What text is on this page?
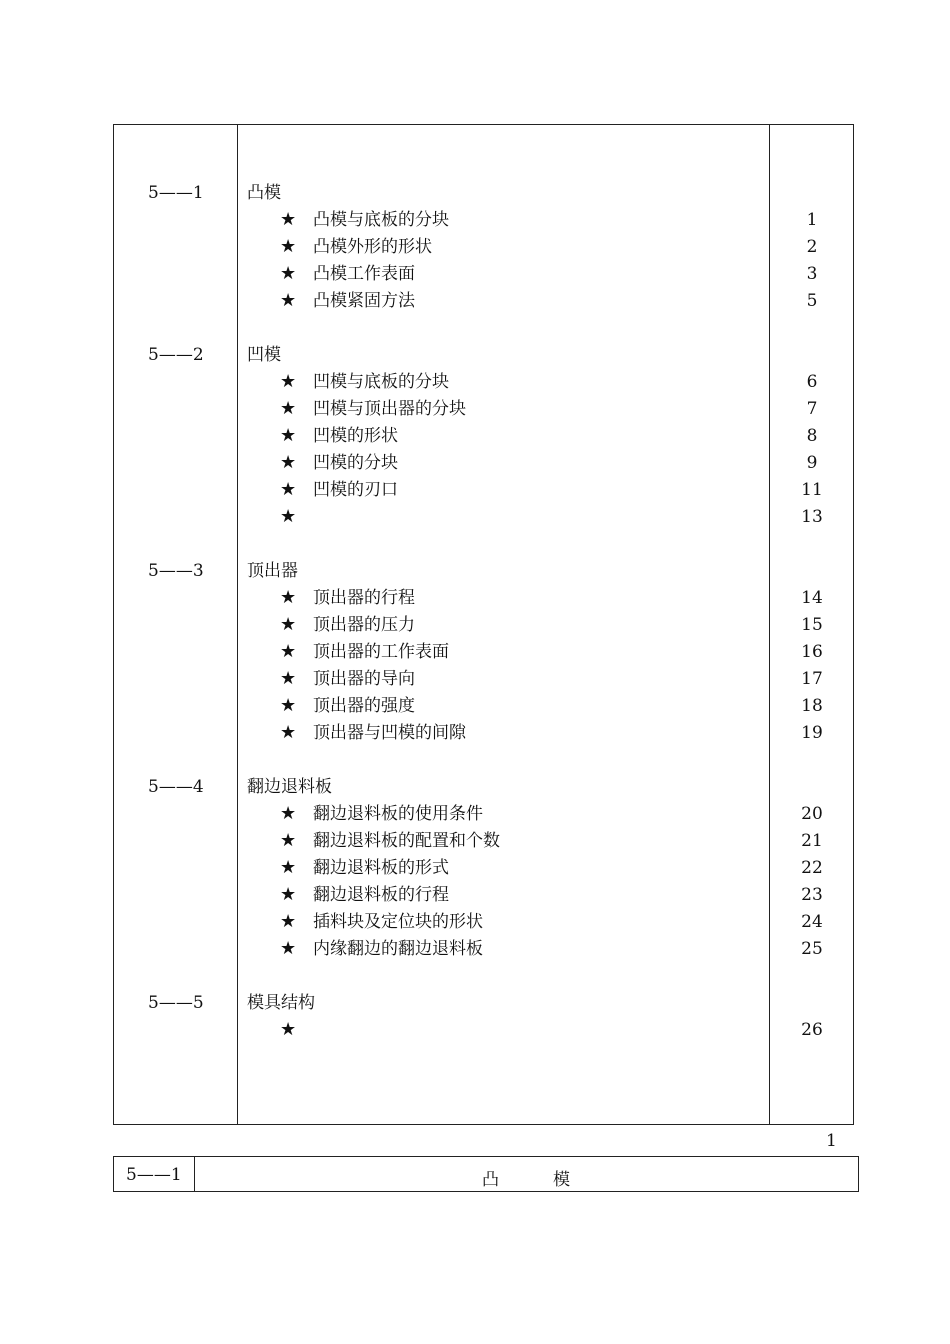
5——1	凸模
★ 凸模与底板的分块	1
★ 凸模外形的形状	2
★ 凸模工作表面	3
★ 凸模紧固方法	5
5——2	凹模
★ 凹模与底板的分块	6
★ 凹模与顶出器的分块	7
★ 凹模的形状	8
★ 凹模的分块	9
★ 凹模的刃口	11
★	13
5——3	顶出器
★ 顶出器的行程	14
★ 顶出器的压力	15
★ 顶出器的工作表面	16
★ 顶出器的导向	17
★ 顶出器的强度	18
★ 顶出器与凹模的间隙	19
5——4	翻边退料板
★ 翻边退料板的使用条件	20
★ 翻边退料板的配置和个数	21
★ 翻边退料板的形式	22
★ 翻边退料板的行程	23
★ 插料块及定位块的形状	24
★ 内缘翻边的翻边退料板	25
5——5	模具结构
★	26
1
5——1	凸          模
